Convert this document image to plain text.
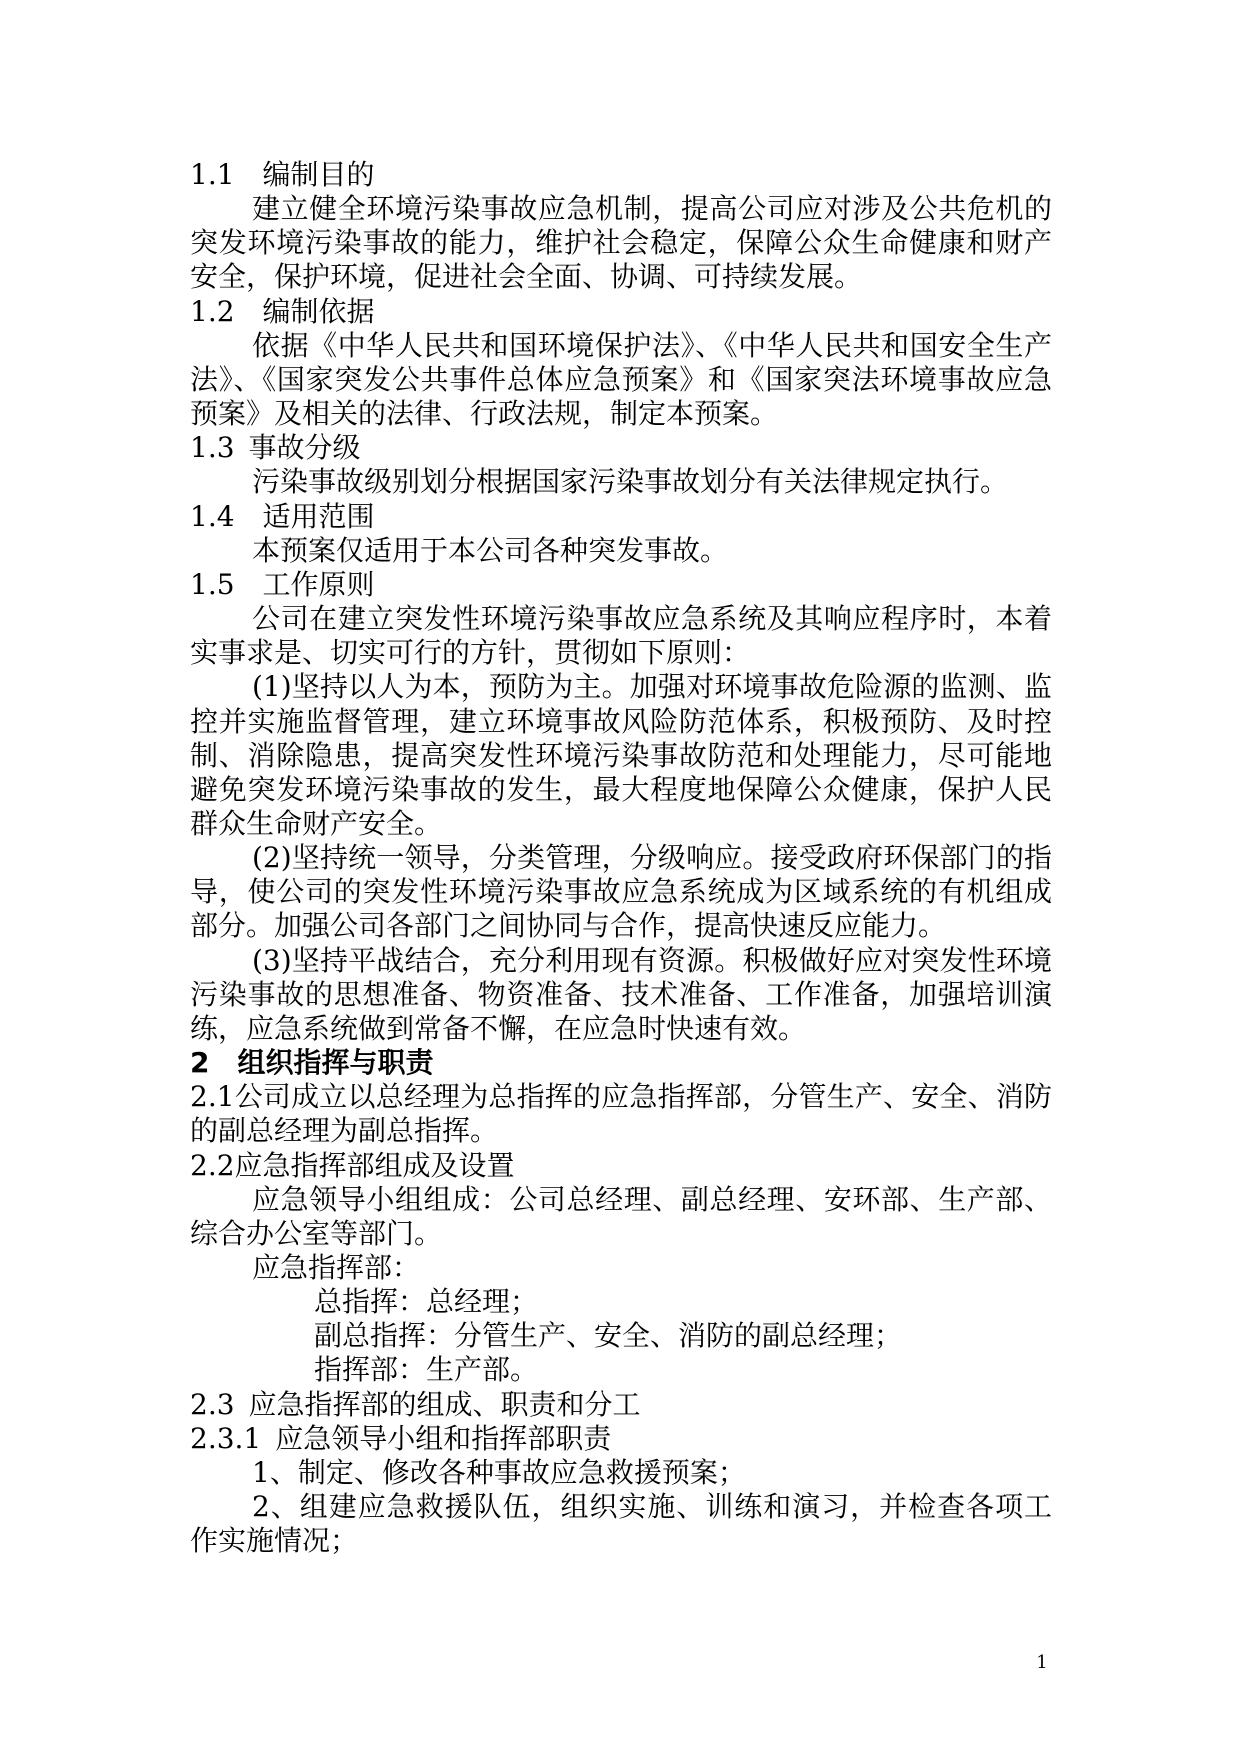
1.1 编制目的

建立健全环境污染事故应急机制，提高公司应对涉及公共危机的突发环境污染事故的能力，维护社会稳定，保障公众生命健康和财产安全，保护环境，促进社会全面、协调、可持续发展。

1.2 编制依据

依据《中华人民共和国环境保护法》、《中华人民共和国安全生产法》、《国家突发公共事件总体应急预案》和《国家突法环境事故应急预案》及相关的法律、行政法规，制定本预案。

1.3 事故分级

污染事故级别划分根据国家污染事故划分有关法律规定执行。

1.4 适用范围

本预案仅适用于本公司各种突发事故。

1.5 工作原则

公司在建立突发性环境污染事故应急系统及其响应程序时，本着实事求是、切实可行的方针，贯彻如下原则：

(1)坚持以人为本，预防为主。加强对环境事故危险源的监测、监控并实施监督管理，建立环境事故风险防范体系，积极预防、及时控制、消除隐患，提高突发性环境污染事故防范和处理能力，尽可能地避免突发环境污染事故的发生，最大程度地保障公众健康，保护人民群众生命财产安全。

(2)坚持统一领导，分类管理，分级响应。接受政府环保部门的指导，使公司的突发性环境污染事故应急系统成为区域系统的有机组成部分。加强公司各部门之间协同与合作，提高快速反应能力。

(3)坚持平战结合，充分利用现有资源。积极做好应对突发性环境污染事故的思想准备、物资准备、技术准备、工作准备，加强培训演练，应急系统做到常备不懈，在应急时快速有效。

2 组织指挥与职责

2.1公司成立以总经理为总指挥的应急指挥部，分管生产、安全、消防的副总经理为副总指挥。

2.2应急指挥部组成及设置

应急领导小组组成：公司总经理、副总经理、安环部、生产部、综合办公室等部门。

应急指挥部：

总指挥：总经理；

副总指挥：分管生产、安全、消防的副总经理；

指挥部：生产部。

2.3 应急指挥部的组成、职责和分工

2.3.1 应急领导小组和指挥部职责

1、制定、修改各种事故应急救援预案；

2、组建应急救援队伍，组织实施、训练和演习，并检查各项工作实施情况；

1
